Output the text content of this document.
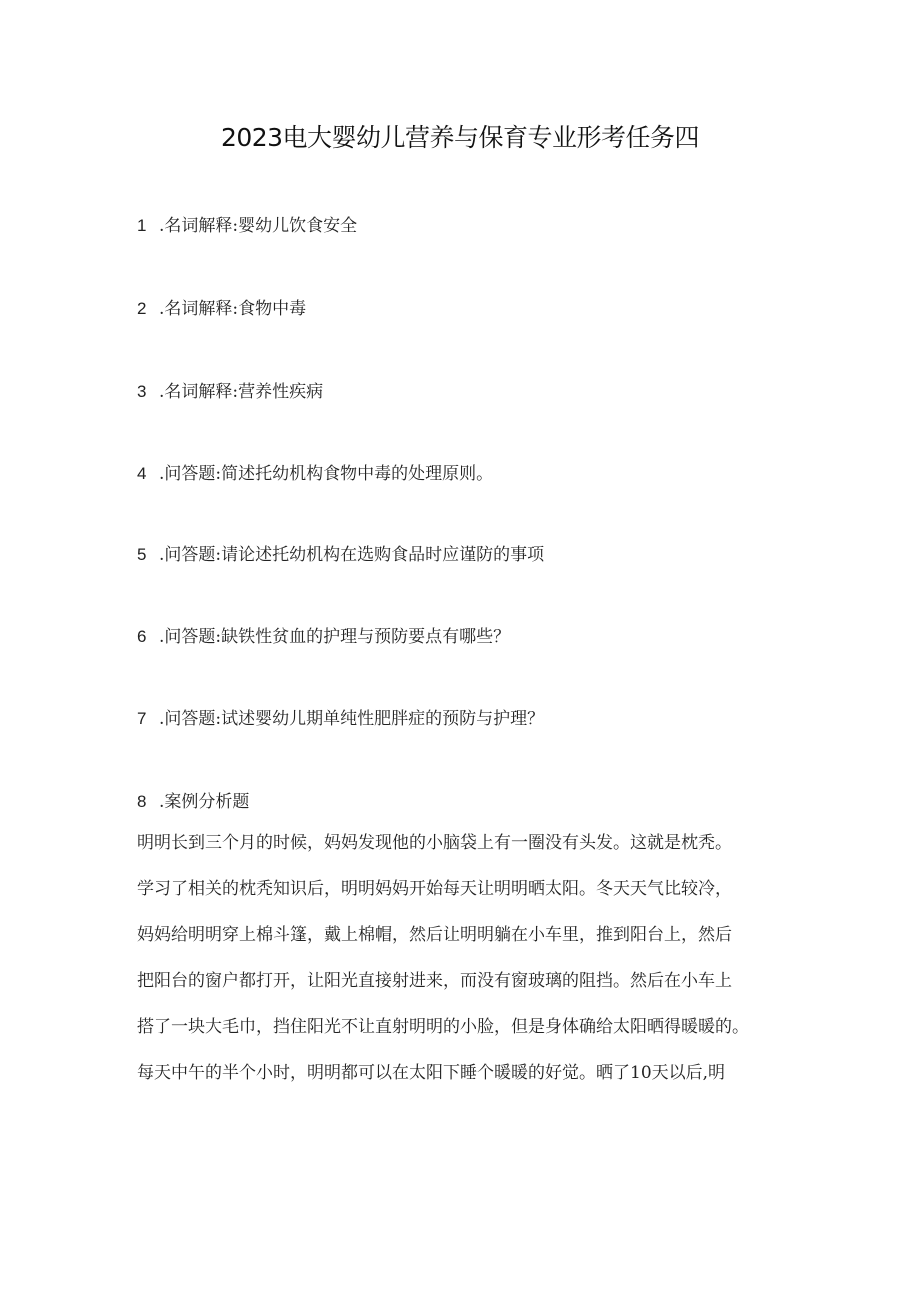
2023电大婴幼儿营养与保育专业形考任务四
1 .名词解释:婴幼儿饮食安全
2 .名词解释:食物中毒
3 .名词解释:营养性疾病
4 .问答题:简述托幼机构食物中毒的处理原则。
5 .问答题:请论述托幼机构在选购食品时应谨防的事项
6 .问答题:缺铁性贫血的护理与预防要点有哪些？
7 .问答题:试述婴幼儿期单纯性肥胖症的预防与护理？
8 .案例分析题
明明长到三个月的时候，妈妈发现他的小脑袋上有一圈没有头发。这就是枕秃。
学习了相关的枕秃知识后，明明妈妈开始每天让明明晒太阳。冬天天气比较冷，
妈妈给明明穿上棉斗篷，戴上棉帽，然后让明明躺在小车里，推到阳台上，然后
把阳台的窗户都打开，让阳光直接射进来，而没有窗玻璃的阻挡。然后在小车上
搭了一块大毛巾，挡住阳光不让直射明明的小脸，但是身体确给太阳晒得暖暖的。
每天中午的半个小时，明明都可以在太阳下睡个暖暖的好觉。晒了10天以后,明
